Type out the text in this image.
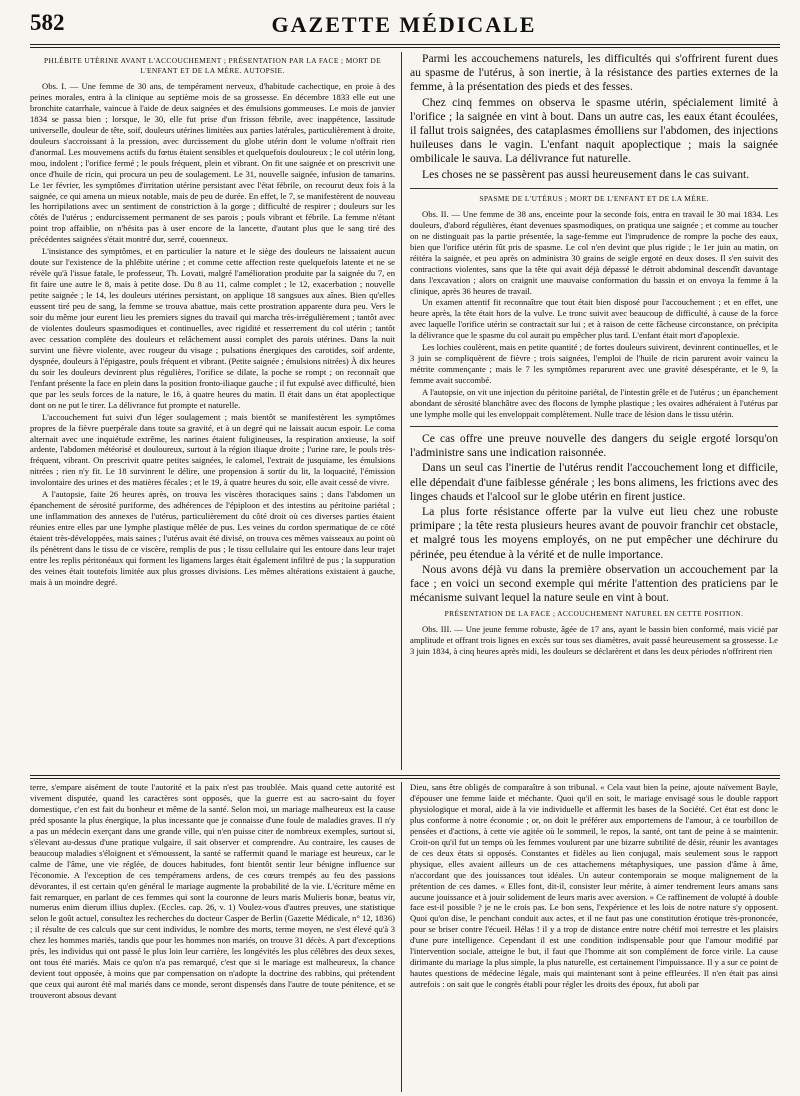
582	GAZETTE MÉDICALE

PHLÉBITE UTÉRINE AVANT L'ACCOUCHEMENT ; PRÉSENTATION PAR LA FACE ; MORT DE L'ENFANT ET DE LA MÈRE. AUTOPSIE.

Obs. I. — Une femme de 30 ans, de tempérament nerveux, d'habitude cachectique, en proie à des peines morales, entra à la clinique au septième mois de sa grossesse. En décembre 1833 elle eut une bronchite catarrhale, vaincue à l'aide de deux saignées et des émulsions gommeuses. Le mois de janvier 1834 se passa bien ; lorsque, le 30, elle fut prise d'un frisson fébrile, avec inappétence, lassitude universelle, douleur de tête, soif, douleurs utérines limitées aux parties latérales, particulièrement à droite, douleurs s'accroissant à la pression, avec durcissement du globe utérin dont le volume n'offrait rien d'anormal. Les mouvemens actifs du fœtus étaient sensibles et quelquefois douloureux ; le col utérin long, mou, indolent ; l'orifice fermé ; le pouls fréquent, plein et vibrant. On fit une saignée et on prescrivit une once d'huile de ricin, qui procura un peu de soulagement. Le 31, nouvelle saignée, infusion de tamarins. Le 1er février, les symptômes d'irritation utérine persistant avec l'état fébrile, on recourut deux fois à la saignée, ce qui amena un mieux notable, mais de peu de durée. En effet, le 7, se manifestèrent de nouveau les horripilations avec un sentiment de constriction à la gorge ; difficulté de respirer ; douleurs sur les côtés de l'utérus ; endurcissement permanent de ses parois ; pouls vibrant et fébrile. La femme n'étant point trop affaiblie, on n'hésita pas à user encore de la lancette, d'autant plus que le sang tiré des précédentes saignées s'était montré dur, serré, couenneux.

L'insistance des symptômes, et en particulier la nature et le siège des douleurs ne laissaient aucun doute sur l'existence de la phlébite utérine ; et comme cette affection reste quelquefois latente et ne se révèle qu'à l'issue fatale, le professeur, Th. Lovati, malgré l'amélioration produite par la saignée du 7, en fit faire une autre le 8, mais à petite dose. Du 8 au 11, calme complet ; le 12, exacerbation ; nouvelle petite saignée ; le 14, les douleurs utérines persistant, on applique 18 sangsues aux aînes. Bien qu'elles eussent tiré peu de sang, la femme se trouva abattue, mais cette prostration apparente dura peu. Vers le soir du même jour eurent lieu les premiers signes du travail qui marcha très-irrégulièrement ; tantôt avec de violentes douleurs spasmodiques et continuelles, avec rigidité et resserrement du col utérin ; tantôt avec cessation complète des douleurs et relâchement aussi complet des parois utérines. Dans la nuit survint une fièvre violente, avec rougeur du visage ; pulsations énergiques des carotides, soif ardente, dyspnée, douleurs à l'épigastre, pouls fréquent et vibrant. (Petite saignée ; émulsions nitrées) À dix heures du soir les douleurs devinrent plus régulières, l'orifice se dilate, la poche se rompt ; on reconnaît que l'enfant présente la face en plein dans la position fronto-iliaque gauche ; il fut expulsé avec difficulté, bien que par les seuls forces de la nature, le 16, à quatre heures du matin. Il était dans un état apoplectique dont on ne put le tirer. La délivrance fut prompte et naturelle.

L'accouchement fut suivi d'un léger soulagement ; mais bientôt se manifestèrent les symptômes propres de la fièvre puerpérale dans toute sa gravité, et à un degré qui ne laissait aucun espoir. Le coma alternait avec une inquiétude extrême, les narines étaient fuligineuses, la respiration anxieuse, la soif ardente, l'abdomen météorisé et douloureux, surtout à la région iliaque droite ; l'urine rare, le pouls très-fréquent, vibrant. On prescrivit quatre petites saignées, le calomel, l'extrait de jusquiame, les émulsions nitrées ; rien n'y fit. Le 18 survinrent le délire, une propension à sortir du lit, la loquacité, l'émission involontaire des urines et des matières fécales ; et le 19, à quatre heures du soir, elle avait cessé de vivre.

A l'autopsie, faite 26 heures après, on trouva les viscères thoraciques sains ; dans l'abdomen un épanchement de sérosité puriforme, des adhérences de l'épiploon et des intestins au péritoine pariétal ; une inflammation des annexes de l'utérus, particulièrement du côté droit où ces diverses parties étaient réunies entre elles par une lymphe plastique mêlée de pus. Les veines du cordon spermatique de ce côté étaient très-développées, mais saines ; l'utérus avait été divisé, on trouva ces mêmes vaisseaux au point où ils pénètrent dans le tissu de ce viscère, remplis de pus ; le tissu cellulaire qui les entoure dans leur trajet entre les replis péritonéaux qui forment les ligamens larges était également infiltré de pus ; la suppuration des veines était toutefois limitée aux plus grosses divisions. Les mêmes altérations existaient à gauche, mais à un moindre degré.

Parmi les accouchemens naturels, les difficultés qui s'offrirent furent dues au spasme de l'utérus, à son inertie, à la résistance des parties externes de la femme, à la présentation des pieds et des fesses.

Chez cinq femmes on observa le spasme utérin, spécialement limité à l'orifice ; la saignée en vint à bout. Dans un autre cas, les eaux étant écoulées, il fallut trois saignées, des cataplasmes émolliens sur l'abdomen, des injections huileuses dans le vagin. L'enfant naquit apoplectique ; mais la saignée ombilicale le sauva. La délivrance fut naturelle.

Les choses ne se passèrent pas aussi heureusement dans le cas suivant.

SPASME DE L'UTÉRUS ; MORT DE L'ENFANT ET DE LA MÈRE.

Obs. II. — Une femme de 38 ans, enceinte pour la seconde fois, entra en travail le 30 mai 1834. Les douleurs, d'abord régulières, étant devenues spasmodiques, on pratiqua une saignée ; et comme au toucher on ne distinguait pas la partie présentée, la sage-femme eut l'imprudence de rompre la poche des eaux, bien que l'orifice utérin fût pris de spasme. Le col n'en devint que plus rigide ; le 1er juin au matin, on réitéra la saignée, et peu après on administra 30 grains de seigle ergoté en deux doses. Il s'en suivit des contractions violentes, sans que la tête qui avait déjà dépassé le détroit abdominal descendît davantage dans l'excavation ; alors on craignit une mauvaise conformation du bassin et on envoya la femme à la clinique, après 36 heures de travail.

Un examen attentif fit reconnaître que tout était bien disposé pour l'accouchement ; et en effet, une heure après, la tête était hors de la vulve. Le tronc suivit avec beaucoup de difficulté, à cause de la force avec laquelle l'orifice utérin se contractait sur lui ; et à raison de cette fâcheuse circonstance, on précipita la délivrance que le spasme du col aurait pu empêcher plus tard. L'enfant était mort d'apoplexie.

Les lochies coulèrent, mais en petite quantité ; de fortes douleurs suivirent, devinrent continuelles, et le 3 juin se compliquèrent de fièvre ; trois saignées, l'emploi de l'huile de ricin parurent avoir vaincu la métrite commençante ; mais le 7 les symptômes reparurent avec une gravité désespérante, et le 9, la femme avait succombé.

A l'autopsie, on vit une injection du péritoine pariétal, de l'intestin grêle et de l'utérus ; un épanchement abondant de sérosité blanchâtre avec des flocons de lymphe plastique ; les ovaires adhéraient à l'utérus par une lymphe molle qui les enveloppait complètement. Nulle trace de lésion dans le tissu utérin.

Ce cas offre une preuve nouvelle des dangers du seigle ergoté lorsqu'on l'administre sans une indication raisonnée.

Dans un seul cas l'inertie de l'utérus rendit l'accouchement long et difficile, elle dépendait d'une faiblesse générale ; les bons alimens, les frictions avec des linges chauds et l'alcool sur le globe utérin en firent justice.

La plus forte résistance offerte par la vulve eut lieu chez une robuste primipare ; la tête resta plusieurs heures avant de pouvoir franchir cet obstacle, et malgré tous les moyens employés, on ne put empêcher une déchirure du périnée, peu étendue à la vérité et de nulle importance.

Nous avons déjà vu dans la première observation un accouchement par la face ; en voici un second exemple qui mérite l'attention des praticiens par le mécanisme suivant lequel la nature seule en vint à bout.

PRÉSENTATION DE LA FACE ; ACCOUCHEMENT NATUREL EN CETTE POSITION.

Obs. III. — Une jeune femme robuste, âgée de 17 ans, ayant le bassin bien conformé, mais vicié par amplitude et offrant trois lignes en excès sur tous ses diamètres, avait passé heureusement sa grossesse. Le 3 juin 1834, à cinq heures après midi, les douleurs se déclarèrent et dans les deux périodes n'offrirent rien

terre, s'empare aisément de toute l'autorité et la paix n'est pas troublée. Mais quand cette autorité est vivement disputée, quand les caractères sont opposés, que la guerre est au sacro-saint du foyer domestique, c'en est fait du bonheur et même de la santé. Selon moi, un mariage malheureux est la cause préd sposante la plus énergique, la plus incessante que je connaisse d'une foule de maladies graves. Il n'y a pas un médecin exerçant dans une grande ville, qui n'en puisse citer de nombreux exemples, surtout si, s'élevant au-dessus d'une pratique vulgaire, il sait observer et comprendre. Au contraire, les causes de beaucoup maladies s'éloignent et s'émoussent, la santé se raffermit quand le mariage est heureux, car le calme de l'âme, une vie réglée, de douces habitudes, font bientôt sentir leur bénigne influence sur l'économie. A l'exception de ces tempéramens ardens, de ces cœurs trempés au feu des passions dévorantes, il est certain qu'en général le mariage augmente la probabilité de la vie. L'écriture même en fait remarquer, en parlant de ces femmes qui sont la couronne de leurs maris Mulieris bonæ, beatus vir, numerus enim dierum illius duplex. (Eccles. cap. 26, v. 1) Voulez-vous d'autres preuves, une statistique selon le goût actuel, consultez les recherches du docteur Casper de Berlin (Gazette Médicale, n° 12, 1836) ; il résulte de ces calculs que sur cent individus, le nombre des morts, terme moyen, ne s'est élevé qu'à 3 chez les hommes mariés, tandis que pour les hommes non mariés, on trouve 31 décès. A part d'exceptions près, les individus qui ont passé le plus loin leur carrière, les longévités les plus célèbres des deux sexes, ont tous été mariés. Mais ce qu'on n'a pas remarqué, c'est que si le mariage est malheureux, la chance devient tout opposée, à moins que par compensation on n'adopte la doctrine des rabbins, qui prétendent que ceux qui auront été mal mariés dans ce monde, seront dispensés dans l'autre de toute pénitence, et se trouveront absous devant

Dieu, sans être obligés de comparaître à son tribunal. « Cela vaut bien la peine, ajoute naïvement Bayle, d'épouser une femme laide et méchante. Quoi qu'il en soit, le mariage envisagé sous le double rapport physiologique et moral, aide à la vie individuelle et affermit les bases de la Société. Cet état est donc le plus conforme à notre économie ; or, on doit le préférer aux emportemens de l'amour, à ce tourbillon de pensées et d'actions, à cette vie agitée où le sommeil, le repos, la santé, ont tant de peine à se maintenir. Croit-on qu'il fut un temps où les femmes voulurent par une bizarre subtilité de désir, réunir les avantages de ces deux états si opposés. Constantes et fidèles au lien conjugal, mais seulement sous le rapport physique, elles avaient ailleurs un de ces attachemens métaphysiques, une passion d'âme à âme, n'accordant que des jouissances tout idéales. Un auteur contemporain se moque malignement de la prétention de ces dames. « Elles font, dit-il, consister leur mérite, à aimer tendrement leurs amans sans aucune jouissance et à jouir solidement de leurs maris avec aversion. » Ce raffinement de volupté à double face est-il possible ? je ne le crois pas. Le bon sens, l'expérience et les lois de notre nature s'y opposent. Quoi qu'on dise, le penchant conduit aux actes, et il ne faut pas une constitution érotique très-prononcée, pour se briser contre l'écueil. Hélas ! il y a trop de distance entre notre chétif moi terrestre et les plaisirs d'une pure intelligence. Cependant il est une condition indispensable pour que l'amour modifié par l'intervention sociale, atteigne le but, il faut que l'homme ait son complément de force virile. La cause dirimante du mariage la plus simple, la plus naturelle, est certainement l'impuissance. Il y a sur ce point de hautes questions de médecine légale, mais qui maintenant sont à peine effleurées. Il n'en était pas ainsi autrefois : on sait que le congrès établi pour régler les droits des époux, fut aboli par
